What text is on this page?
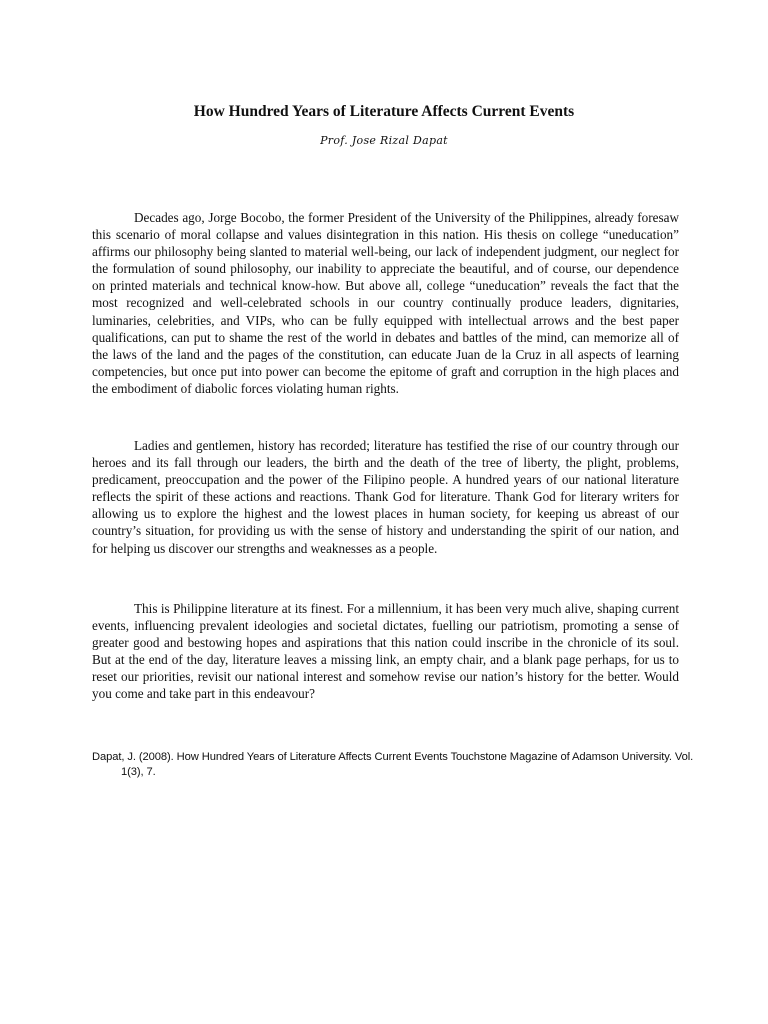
How Hundred Years of Literature Affects Current Events

Prof. Jose Rizal Dapat

Decades ago, Jorge Bocobo, the former President of the University of the Philippines, already foresaw this scenario of moral collapse and values disintegration in this nation. His thesis on college “uneducation” affirms our philosophy being slanted to material well-being, our lack of independent judgment, our neglect for the formulation of sound philosophy, our inability to appreciate the beautiful, and of course, our dependence on printed materials and technical know-how. But above all, college “uneducation” reveals the fact that the most recognized and well-celebrated schools in our country continually produce leaders, dignitaries, luminaries, celebrities, and VIPs, who can be fully equipped with intellectual arrows and the best paper qualifications, can put to shame the rest of the world in debates and battles of the mind, can memorize all of the laws of the land and the pages of the constitution, can educate Juan de la Cruz in all aspects of learning competencies, but once put into power can become the epitome of graft and corruption in the high places and the embodiment of diabolic forces violating human rights.

Ladies and gentlemen, history has recorded; literature has testified the rise of our country through our heroes and its fall through our leaders, the birth and the death of the tree of liberty, the plight, problems, predicament, preoccupation and the power of the Filipino people. A hundred years of our national literature reflects the spirit of these actions and reactions. Thank God for literature. Thank God for literary writers for allowing us to explore the highest and the lowest places in human society, for keeping us abreast of our country’s situation, for providing us with the sense of history and understanding the spirit of our nation, and for helping us discover our strengths and weaknesses as a people.

This is Philippine literature at its finest. For a millennium, it has been very much alive, shaping current events, influencing prevalent ideologies and societal dictates, fuelling our patriotism, promoting a sense of greater good and bestowing hopes and aspirations that this nation could inscribe in the chronicle of its soul. But at the end of the day, literature leaves a missing link, an empty chair, and a blank page perhaps, for us to reset our priorities, revisit our national interest and somehow revise our nation’s history for the better. Would you come and take part in this endeavour?

Dapat, J. (2008). How Hundred Years of Literature Affects Current Events Touchstone Magazine of Adamson University. Vol. 1(3), 7.
